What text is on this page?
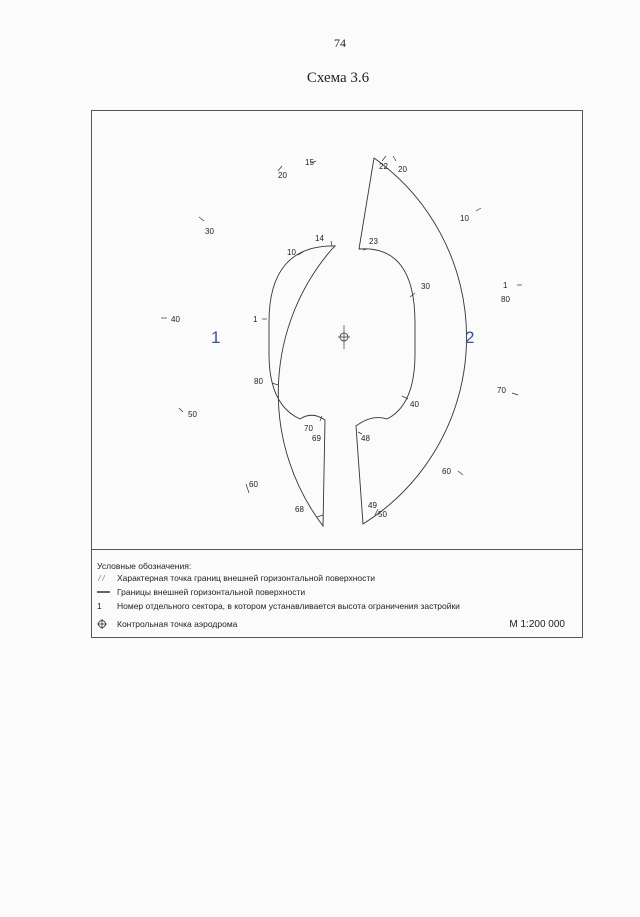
74
Схема 3.6
15
20
30
40
50
60
68
69
70
80
1
10
14
22 20
10
1
80
70
60
50
49
48
40
30
23
1	2
Условные обозначения:
Характерная точка границ внешней горизонтальной поверхности
Границы внешней горизонтальной поверхности
1	Номер отдельного сектора, в котором устанавливается высота ограничения застройки
Контрольная точка аэродрома	М 1:200 000
